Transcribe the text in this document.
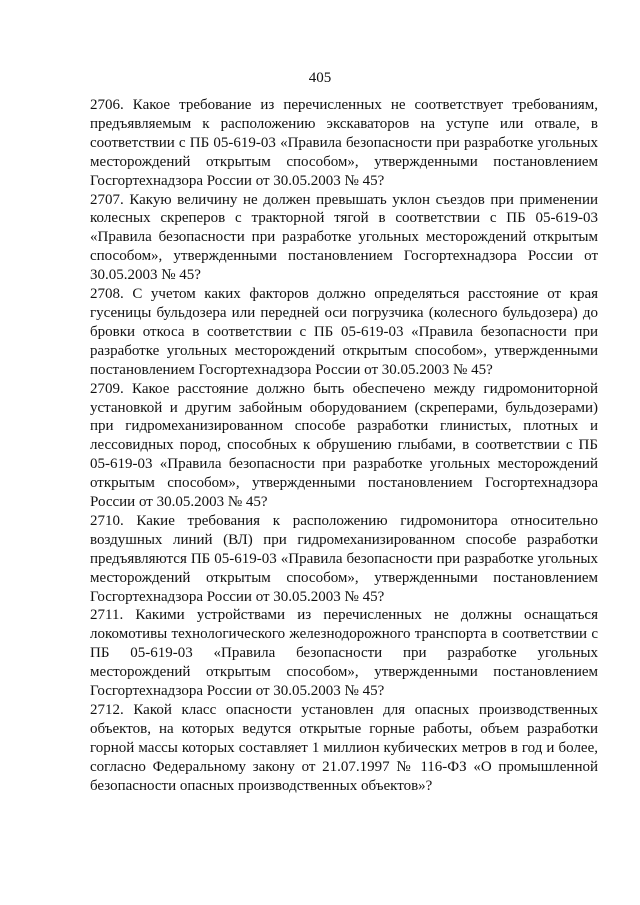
405

2706. Какое требование из перечисленных не соответствует требованиям, предъявляемым к расположению экскаваторов на уступе или отвале, в соответствии с ПБ 05-619-03 «Правила безопасности при разработке угольных месторождений открытым способом», утвержденными постановлением Госгортехнадзора России от 30.05.2003 № 45?

2707. Какую величину не должен превышать уклон съездов при применении колесных скреперов с тракторной тягой в соответствии с ПБ 05-619-03 «Правила безопасности при разработке угольных месторождений открытым способом», утвержденными постановлением Госгортехнадзора России от 30.05.2003 № 45?

2708. С учетом каких факторов должно определяться расстояние от края гусеницы бульдозера или передней оси погрузчика (колесного бульдозера) до бровки откоса в соответствии с ПБ 05-619-03 «Правила безопасности при разработке угольных месторождений открытым способом», утвержденными постановлением Госгортехнадзора России от 30.05.2003 № 45?

2709. Какое расстояние должно быть обеспечено между гидромониторной установкой и другим забойным оборудованием (скреперами, бульдозерами) при гидромеханизированном способе разработки глинистых, плотных и лессовидных пород, способных к обрушению глыбами, в соответствии с ПБ 05-619-03 «Правила безопасности при разработке угольных месторождений открытым способом», утвержденными постановлением Госгортехнадзора России от 30.05.2003 № 45?

2710. Какие требования к расположению гидромонитора относительно воздушных линий (ВЛ) при гидромеханизированном способе разработки предъявляются ПБ 05-619-03 «Правила безопасности при разработке угольных месторождений открытым способом», утвержденными постановлением Госгортехнадзора России от 30.05.2003 № 45?

2711. Какими устройствами из перечисленных не должны оснащаться локомотивы технологического железнодорожного транспорта в соответствии с ПБ 05-619-03 «Правила безопасности при разработке угольных месторождений открытым способом», утвержденными постановлением Госгортехнадзора России от 30.05.2003 № 45?

2712. Какой класс опасности установлен для опасных производственных объектов, на которых ведутся открытые горные работы, объем разработки горной массы которых составляет 1 миллион кубических метров в год и более, согласно Федеральному закону от 21.07.1997 № 116-ФЗ «О промышленной безопасности опасных производственных объектов»?
